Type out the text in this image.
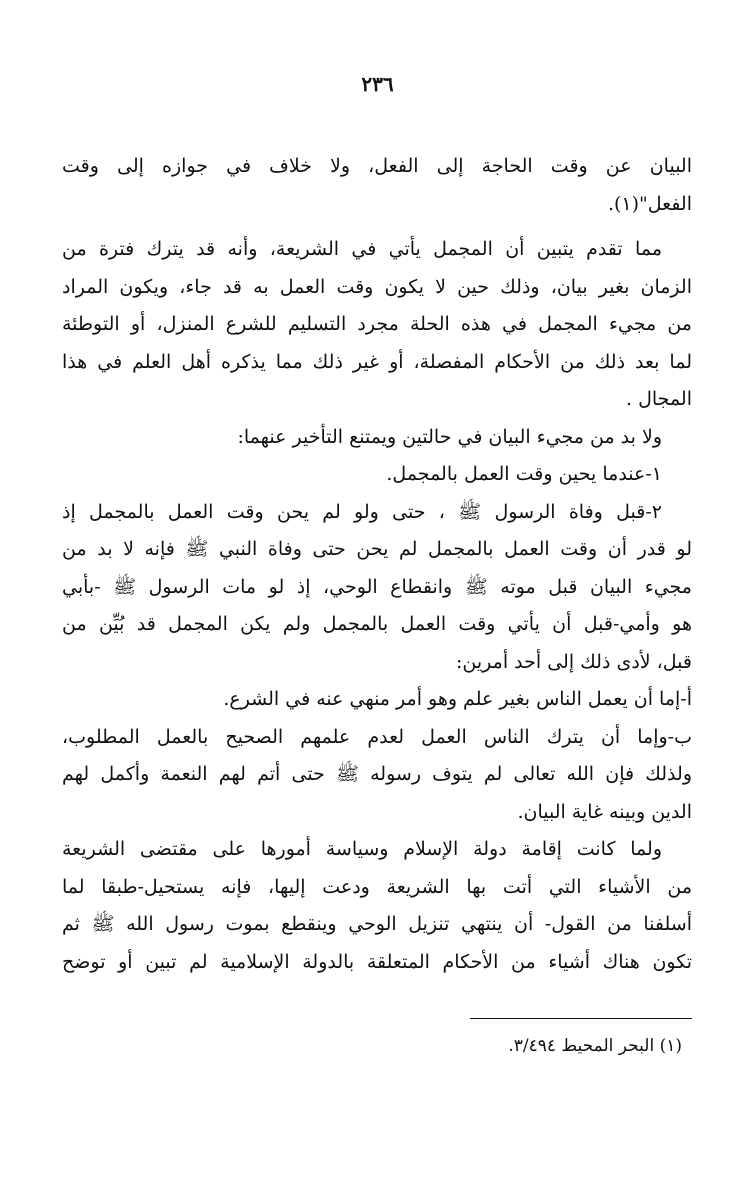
٢٣٦
البيان عن وقت الحاجة إلى الفعل، ولا خلاف في جوازه إلى وقت
الفعل"(١).
مما تقدم يتبين أن المجمل يأتي في الشريعة، وأنه قد يترك فترة من
الزمان بغير بيان، وذلك حين لا يكون وقت العمل به قد جاء، ويكون المراد
من مجيء المجمل في هذه الحلة مجرد التسليم للشرع المنزل، أو التوطئة
لما بعد ذلك من الأحكام المفصلة، أو غير ذلك مما يذكره أهل العلم في هذا
المجال .
ولا بد من مجيء البيان في حالتين ويمتنع التأخير عنهما:
١-عندما يحين وقت العمل بالمجمل.
٢-قبل وفاة الرسول ﷺ ، حتى ولو لم يحن وقت العمل بالمجمل إذ
لو قدر أن وقت العمل بالمجمل لم يحن حتى وفاة النبي ﷺ فإنه لا بد من
مجيء البيان قبل موته ﷺ وانقطاع الوحي، إذ لو مات الرسول ﷺ -بأبي
هو وأمي-قبل أن يأتي وقت العمل بالمجمل ولم يكن المجمل قد بُيِّن من
قبل، لأدى ذلك إلى أحد أمرين:
أ-إما أن يعمل الناس بغير علم وهو أمر منهي عنه في الشرع.
ب-وإما أن يترك الناس العمل لعدم علمهم الصحيح بالعمل المطلوب،
ولذلك فإن الله تعالى لم يتوف رسوله ﷺ حتى أتم لهم النعمة وأكمل لهم
الدين وبينه غاية البيان.
ولما كانت إقامة دولة الإسلام وسياسة أمورها على مقتضى الشريعة
من الأشياء التي أتت بها الشريعة ودعت إليها، فإنه يستحيل-طبقا لما
أسلفنا من القول- أن ينتهي تنزيل الوحي وينقطع بموت رسول الله ﷺ ثم
تكون هناك أشياء من الأحكام المتعلقة بالدولة الإسلامية لم تبين أو توضح
(١) البحر المحيط ٣/٤٩٤.
